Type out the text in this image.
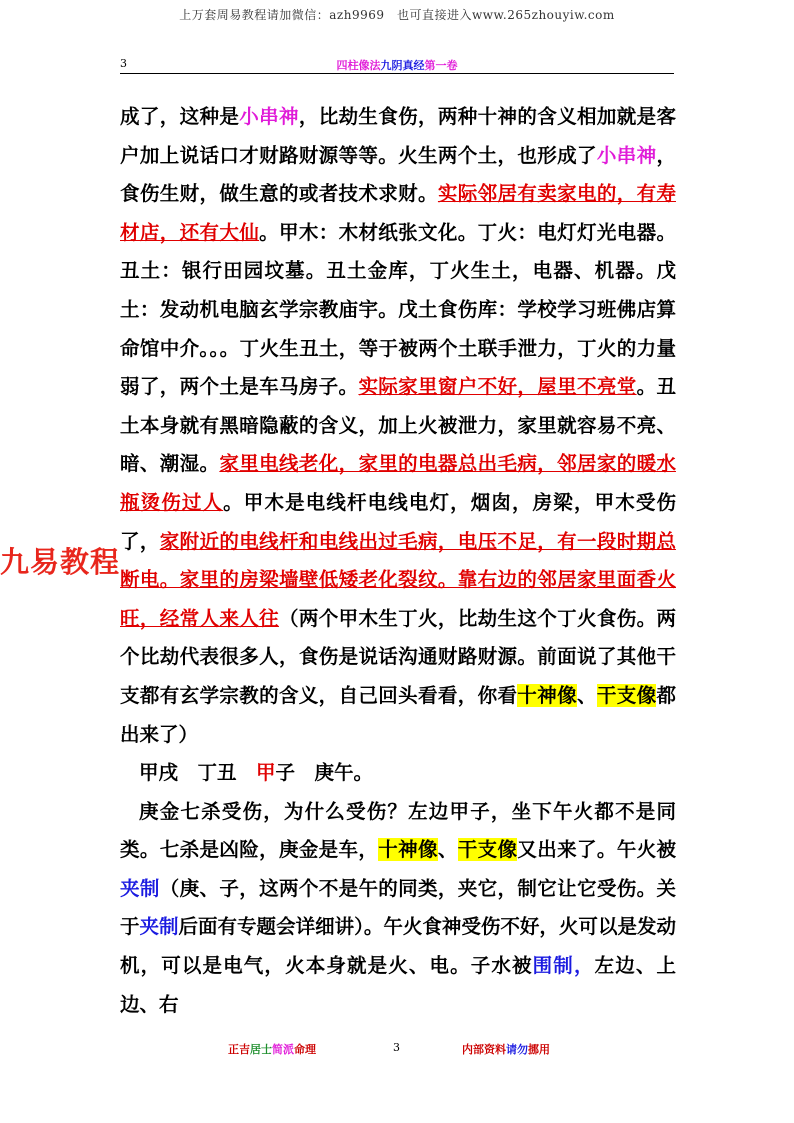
上万套周易教程请加微信：azh9969　也可直接进入www.265zhouyiw.com
3	四柱像法九阴真经第一卷

成了，这种是小串神，比劫生食伤，两种十神的含义相加就是客户加上说话口才财路财源等等。火生两个土，也形成了小串神，食伤生财，做生意的或者技术求财。实际邻居有卖家电的，有寿材店，还有大仙。甲木：木材纸张文化。丁火：电灯灯光电器。丑土：银行田园坟墓。丑土金库，丁火生土，电器、机器。戊土：发动机电脑玄学宗教庙宇。戊土食伤库：学校学习班佛店算命馆中介。。。丁火生丑土，等于被两个土联手泄力，丁火的力量弱了，两个土是车马房子。实际家里窗户不好，屋里不亮堂。丑土本身就有黑暗隐蔽的含义，加上火被泄力，家里就容易不亮、暗、潮湿。家里电线老化，家里的电器总出毛病，邻居家的暖水瓶烫伤过人。甲木是电线杆电线电灯，烟囱，房梁，甲木受伤了，家附近的电线杆和电线出过毛病，电压不足，有一段时期总断电。家里的房梁墙壁低矮老化裂纹。靠右边的邻居家里面香火旺，经常人来人往（两个甲木生丁火，比劫生这个丁火食伤。两个比劫代表很多人，食伤是说话沟通财路财源。前面说了其他干支都有玄学宗教的含义，自己回头看看，你看十神像、干支像都出来了）

甲戌　丁丑　甲子　庚午。

庚金七杀受伤，为什么受伤？左边甲子，坐下午火都不是同类。七杀是凶险，庚金是车，十神像、干支像又出来了。午火被夹制（庚、子，这两个不是午的同类，夹它，制它让它受伤。关于夹制后面有专题会详细讲）。午火食神受伤不好，火可以是发动机，可以是电气，火本身就是火、电。子水被围制，左边、上边、右

九易教程
正吉居士简派命理	3	内部资料请勿挪用
